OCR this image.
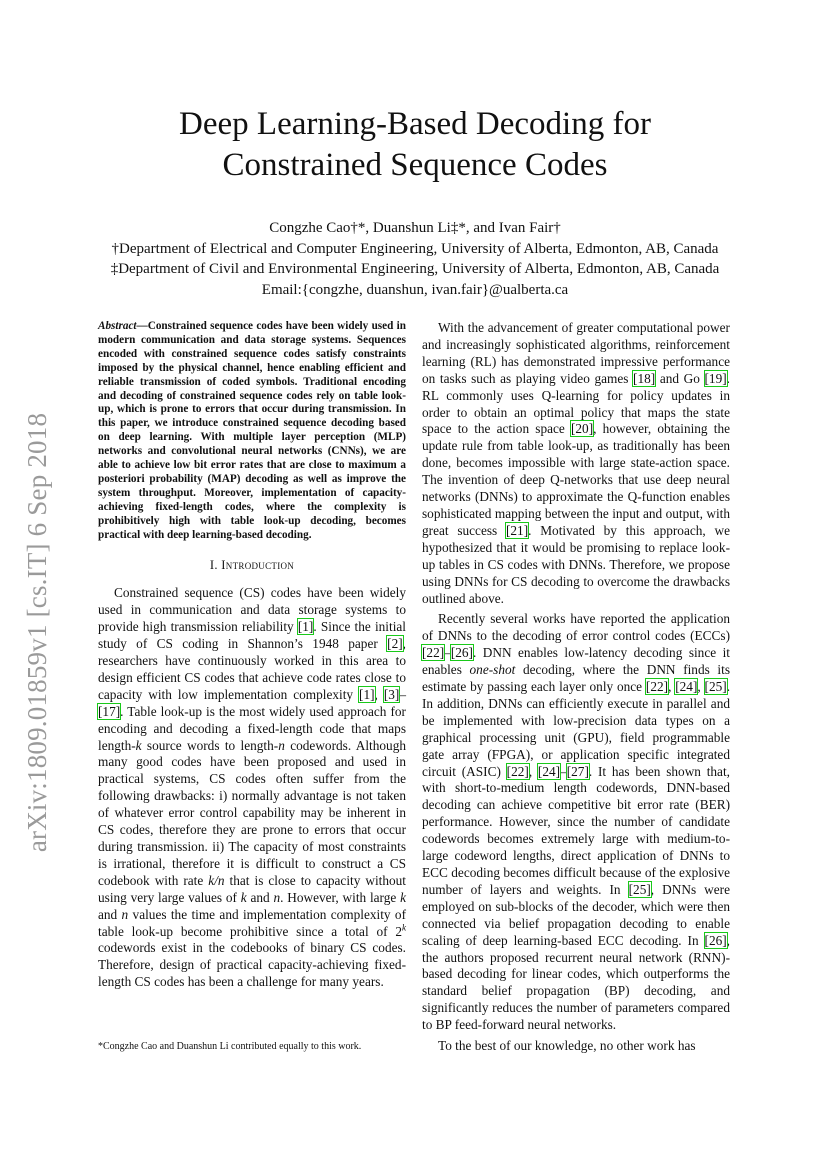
arXiv:1809.01859v1 [cs.IT] 6 Sep 2018
Deep Learning-Based Decoding for
Constrained Sequence Codes
Congzhe Cao†*, Duanshun Li‡*, and Ivan Fair†
†Department of Electrical and Computer Engineering, University of Alberta, Edmonton, AB, Canada
‡Department of Civil and Environmental Engineering, University of Alberta, Edmonton, AB, Canada
Email:{congzhe, duanshun, ivan.fair}@ualberta.ca

Abstract—Constrained sequence codes have been widely used in modern communication and data storage systems. Sequences encoded with constrained sequence codes satisfy constraints imposed by the physical channel, hence enabling efficient and reliable transmission of coded symbols. Traditional encoding and decoding of constrained sequence codes rely on table look-up, which is prone to errors that occur during transmission. In this paper, we introduce constrained sequence decoding based on deep learning. With multiple layer perception (MLP) networks and convolutional neural networks (CNNs), we are able to achieve low bit error rates that are close to maximum a posteriori probability (MAP) decoding as well as improve the system throughput. Moreover, implementation of capacity-achieving fixed-length codes, where the complexity is prohibitively high with table look-up decoding, becomes practical with deep learning-based decoding.

I. Introduction

Constrained sequence (CS) codes have been widely used in communication and data storage systems to provide high transmission reliability [1]. Since the initial study of CS coding in Shannon’s 1948 paper [2], researchers have continuously worked in this area to design efficient CS codes that achieve code rates close to capacity with low implementation complexity [1], [3]–[17]. Table look-up is the most widely used approach for encoding and decoding a fixed-length code that maps length-k source words to length-n codewords. Although many good codes have been proposed and used in practical systems, CS codes often suffer from the following drawbacks: i) normally advantage is not taken of whatever error control capability may be inherent in CS codes, therefore they are prone to errors that occur during transmission. ii) The capacity of most constraints is irrational, therefore it is difficult to construct a CS codebook with rate k/n that is close to capacity without using very large values of k and n. However, with large k and n values the time and implementation complexity of table look-up become prohibitive since a total of 2$^k$ codewords exist in the codebooks of binary CS codes. Therefore, design of practical capacity-achieving fixed-length CS codes has been a challenge for many years.

*Congzhe Cao and Duanshun Li contributed equally to this work.

With the advancement of greater computational power and increasingly sophisticated algorithms, reinforcement learning (RL) has demonstrated impressive performance on tasks such as playing video games [18] and Go [19]. RL commonly uses Q-learning for policy updates in order to obtain an optimal policy that maps the state space to the action space [20], however, obtaining the update rule from table look-up, as traditionally has been done, becomes impossible with large state-action space. The invention of deep Q-networks that use deep neural networks (DNNs) to approximate the Q-function enables sophisticated mapping between the input and output, with great success [21]. Motivated by this approach, we hypothesized that it would be promising to replace look-up tables in CS codes with DNNs. Therefore, we propose using DNNs for CS decoding to overcome the drawbacks outlined above.

Recently several works have reported the application of DNNs to the decoding of error control codes (ECCs) [22]–[26]. DNN enables low-latency decoding since it enables one-shot decoding, where the DNN finds its estimate by passing each layer only once [22], [24], [25]. In addition, DNNs can efficiently execute in parallel and be implemented with low-precision data types on a graphical processing unit (GPU), field programmable gate array (FPGA), or application specific integrated circuit (ASIC) [22], [24]–[27]. It has been shown that, with short-to-medium length codewords, DNN-based decoding can achieve competitive bit error rate (BER) performance. However, since the number of candidate codewords becomes extremely large with medium-to-large codeword lengths, direct application of DNNs to ECC decoding becomes difficult because of the explosive number of layers and weights. In [25], DNNs were employed on sub-blocks of the decoder, which were then connected via belief propagation decoding to enable scaling of deep learning-based ECC decoding. In [26], the authors proposed recurrent neural network (RNN)-based decoding for linear codes, which outperforms the standard belief propagation (BP) decoding, and significantly reduces the number of parameters compared to BP feed-forward neural networks.

To the best of our knowledge, no other work has
